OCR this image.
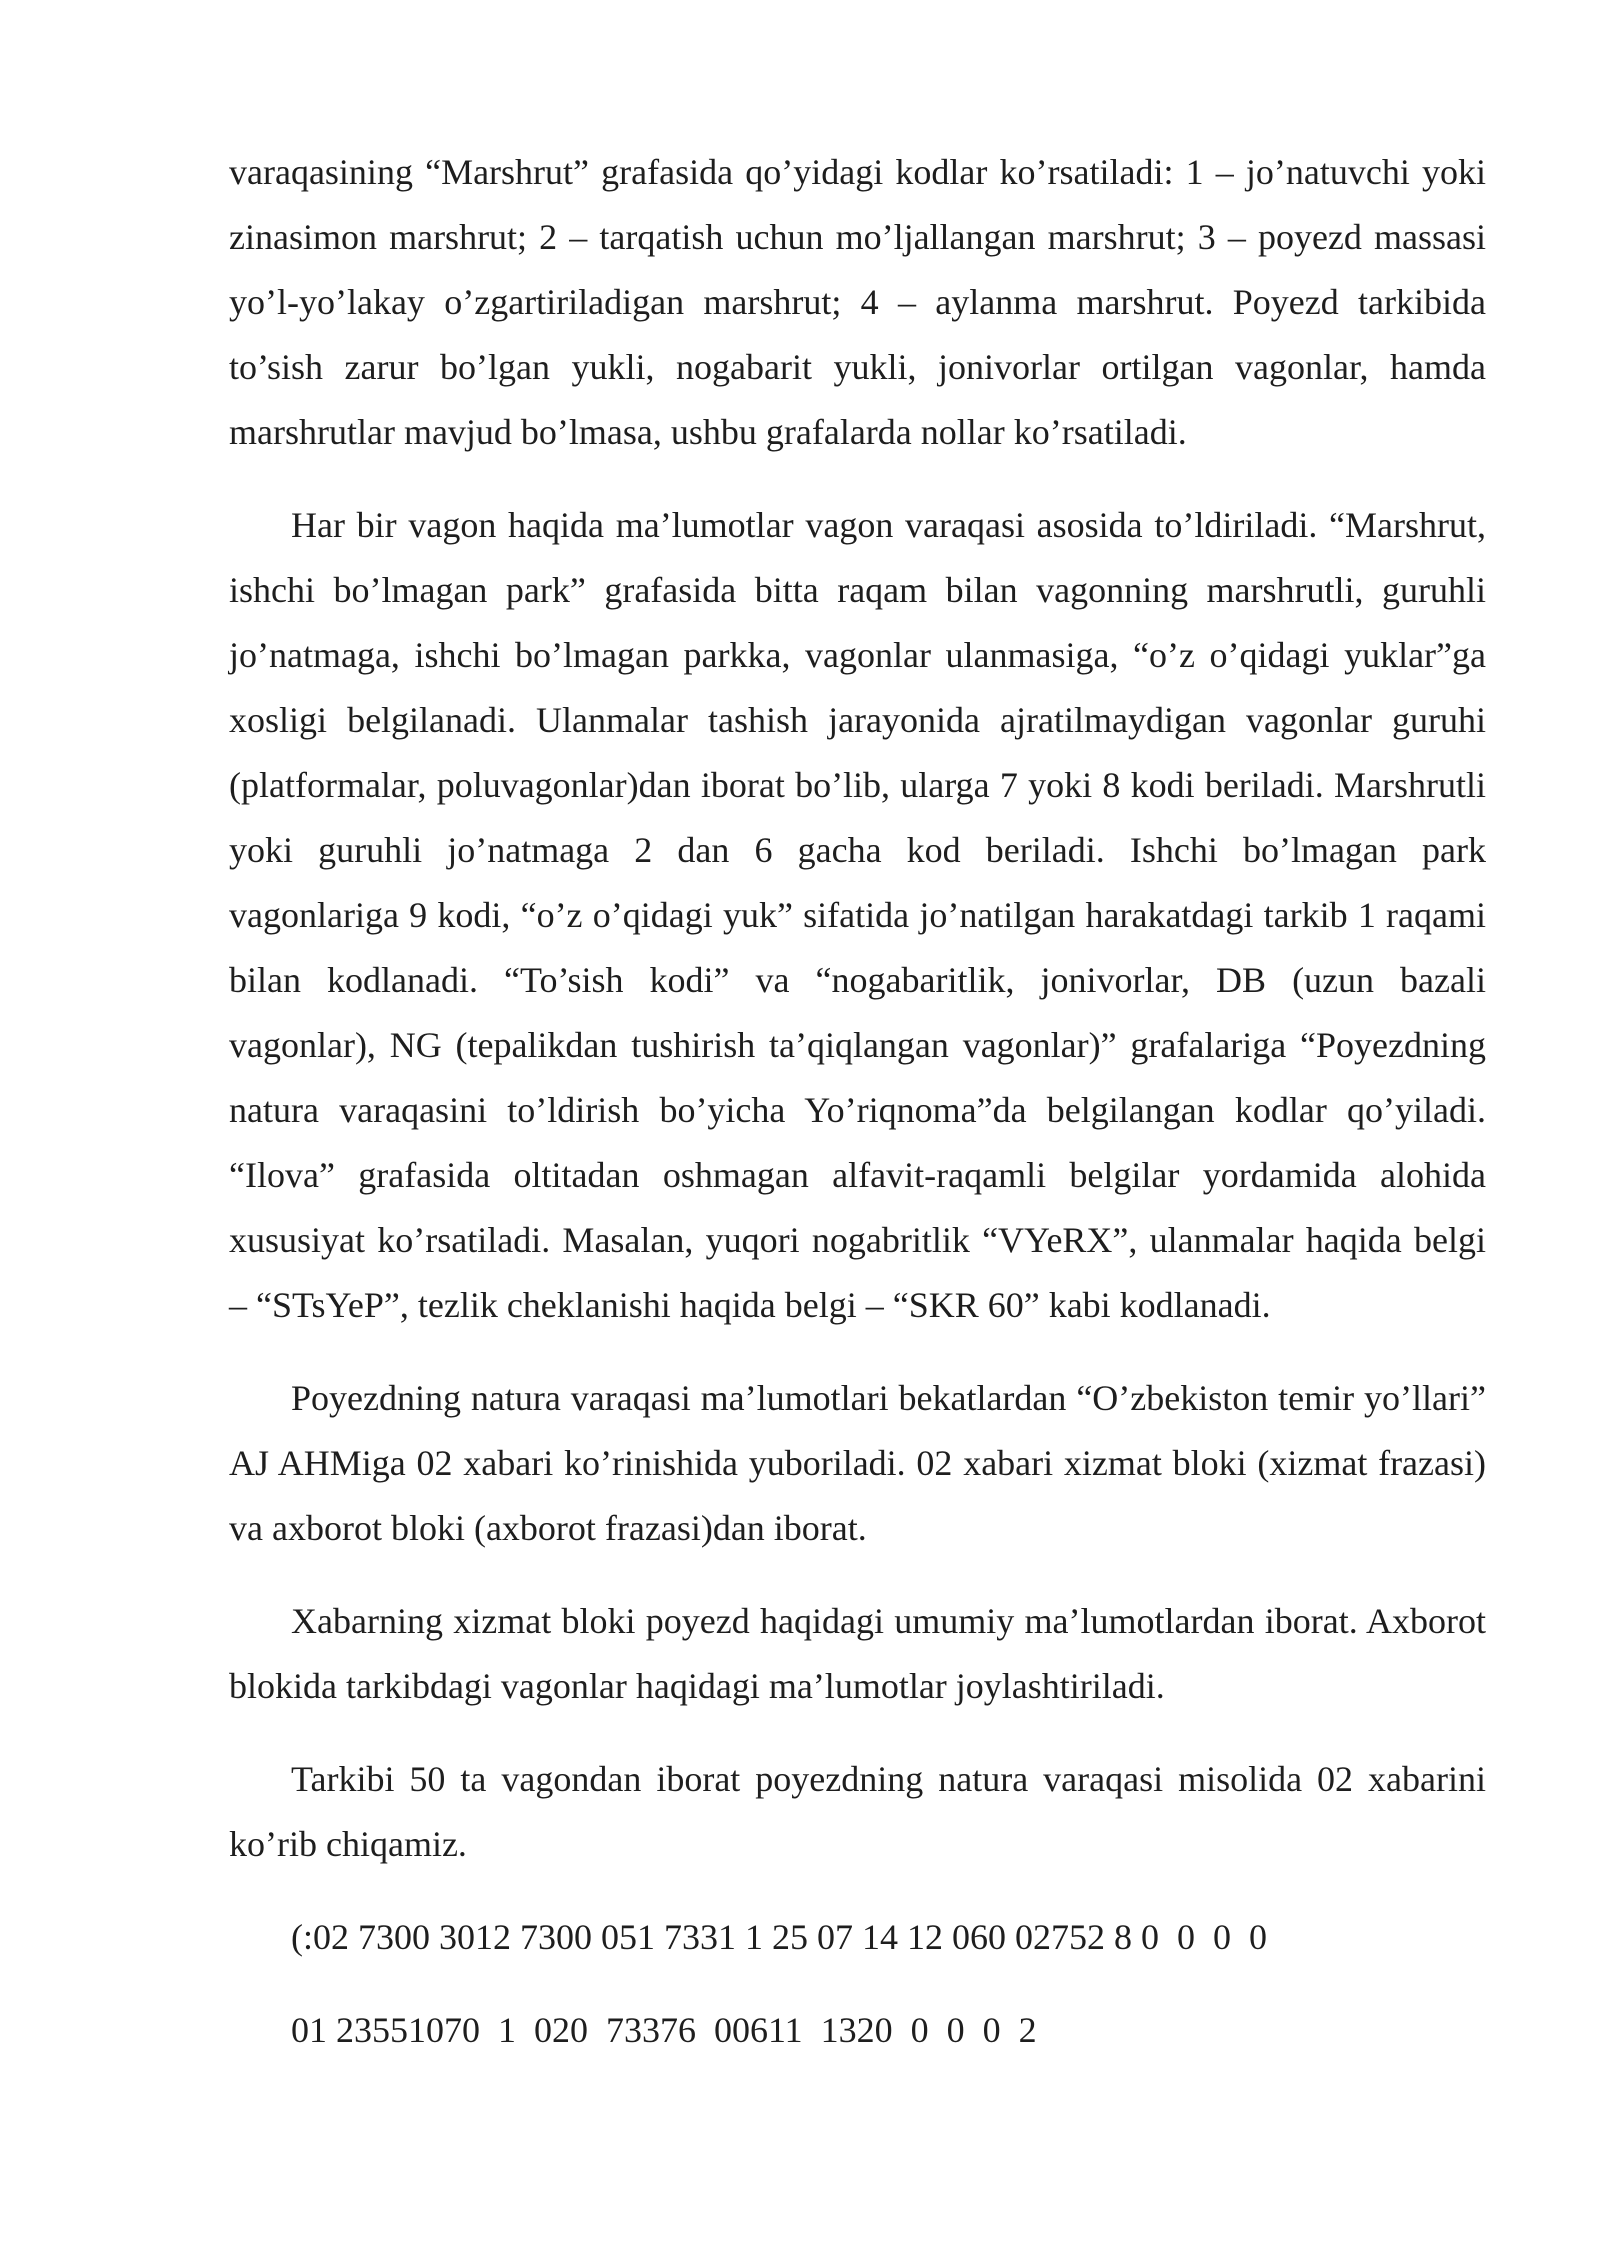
varaqasining “Marshrut” grafasida qo’yidagi kodlar ko’rsatiladi: 1 – jo’natuvchi yoki zinasimon marshrut; 2 – tarqatish uchun mo’ljallangan marshrut; 3 – poyezd massasi yo’l-yo’lakay o’zgartiriladigan marshrut; 4 – aylanma marshrut. Poyezd tarkibida to’sish zarur bo’lgan yukli, nogabarit yukli, jonivorlar ortilgan vagonlar, hamda marshrutlar mavjud bo’lmasa, ushbu grafalarda nollar ko’rsatiladi.

Har bir vagon haqida ma’lumotlar vagon varaqasi asosida to’ldiriladi. “Marshrut, ishchi bo’lmagan park” grafasida bitta raqam bilan vagonning marshrutli, guruhli jo’natmaga, ishchi bo’lmagan parkka, vagonlar ulanmasiga, “o’z o’qidagi yuklar”ga xosligi belgilanadi. Ulanmalar tashish jarayonida ajratilmaydigan vagonlar guruhi (platformalar, poluvagonlar)dan iborat bo’lib, ularga 7 yoki 8 kodi beriladi. Marshrutli yoki guruhli jo’natmaga 2 dan 6 gacha kod beriladi. Ishchi bo’lmagan park vagonlariga 9 kodi, “o’z o’qidagi yuk” sifatida jo’natilgan harakatdagi tarkib 1 raqami bilan kodlanadi. “To’sish kodi” va “nogabaritlik, jonivorlar, DB (uzun bazali vagonlar), NG (tepalikdan tushirish ta’qiqlangan vagonlar)” grafalariga “Poyezdning natura varaqasini to’ldirish bo’yicha Yo’riqnoma”da belgilangan kodlar qo’yiladi. “Ilova” grafasida oltitadan oshmagan alfavit-raqamli belgilar yordamida alohida xususiyat ko’rsatiladi. Masalan, yuqori nogabritlik “VYeRX”, ulanmalar haqida belgi – “STsYeP”, tezlik cheklanishi haqida belgi – “SKR 60” kabi kodlanadi.

Poyezdning natura varaqasi ma’lumotlari bekatlardan “O’zbekiston temir yo’llari” AJ AHMiga 02 xabari ko’rinishida yuboriladi. 02 xabari xizmat bloki (xizmat frazasi) va axborot bloki (axborot frazasi)dan iborat.

Xabarning xizmat bloki poyezd haqidagi umumiy ma’lumotlardan iborat. Axborot blokida tarkibdagi vagonlar haqidagi ma’lumotlar joylashtiriladi.

Tarkibi 50 ta vagondan iborat poyezdning natura varaqasi misolida 02 xabarini ko’rib chiqamiz.

(:02 7300 3012 7300 051 7331 1 25 07 14 12 060 02752 8 0  0  0  0
01 23551070  1  020  73376  00611  1320  0  0  0  2
